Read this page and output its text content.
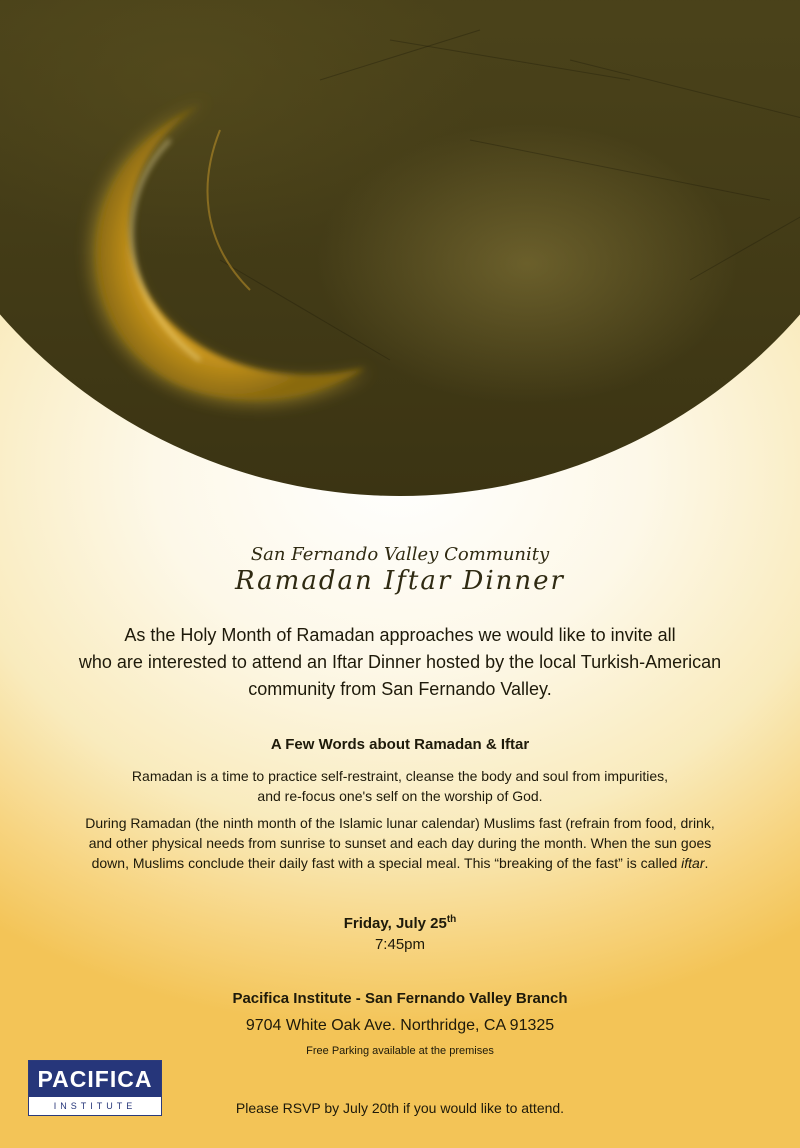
San Fernando Valley Community
Ramadan Iftar Dinner
As the Holy Month of Ramadan approaches we would like to invite all
who are interested to attend an Iftar Dinner hosted by the local Turkish-American
community from San Fernando Valley.
A Few Words about Ramadan & Iftar
Ramadan is a time to practice self-restraint, cleanse the body and soul from impurities,
and re-focus one's self on the worship of God.
During Ramadan (the ninth month of the Islamic lunar calendar) Muslims fast (refrain from food, drink,
and other physical needs from sunrise to sunset and each day during the month. When the sun goes
down, Muslims conclude their daily fast with a special meal. This “breaking of the fast” is called iftar.
Friday, July 25th
7:45pm
Pacifica Institute - San Fernando Valley Branch
9704 White Oak Ave. Northridge, CA 91325
Free Parking available at the premises
PACIFICA
INSTITUTE	Please RSVP by July 20th if you would like to attend.
